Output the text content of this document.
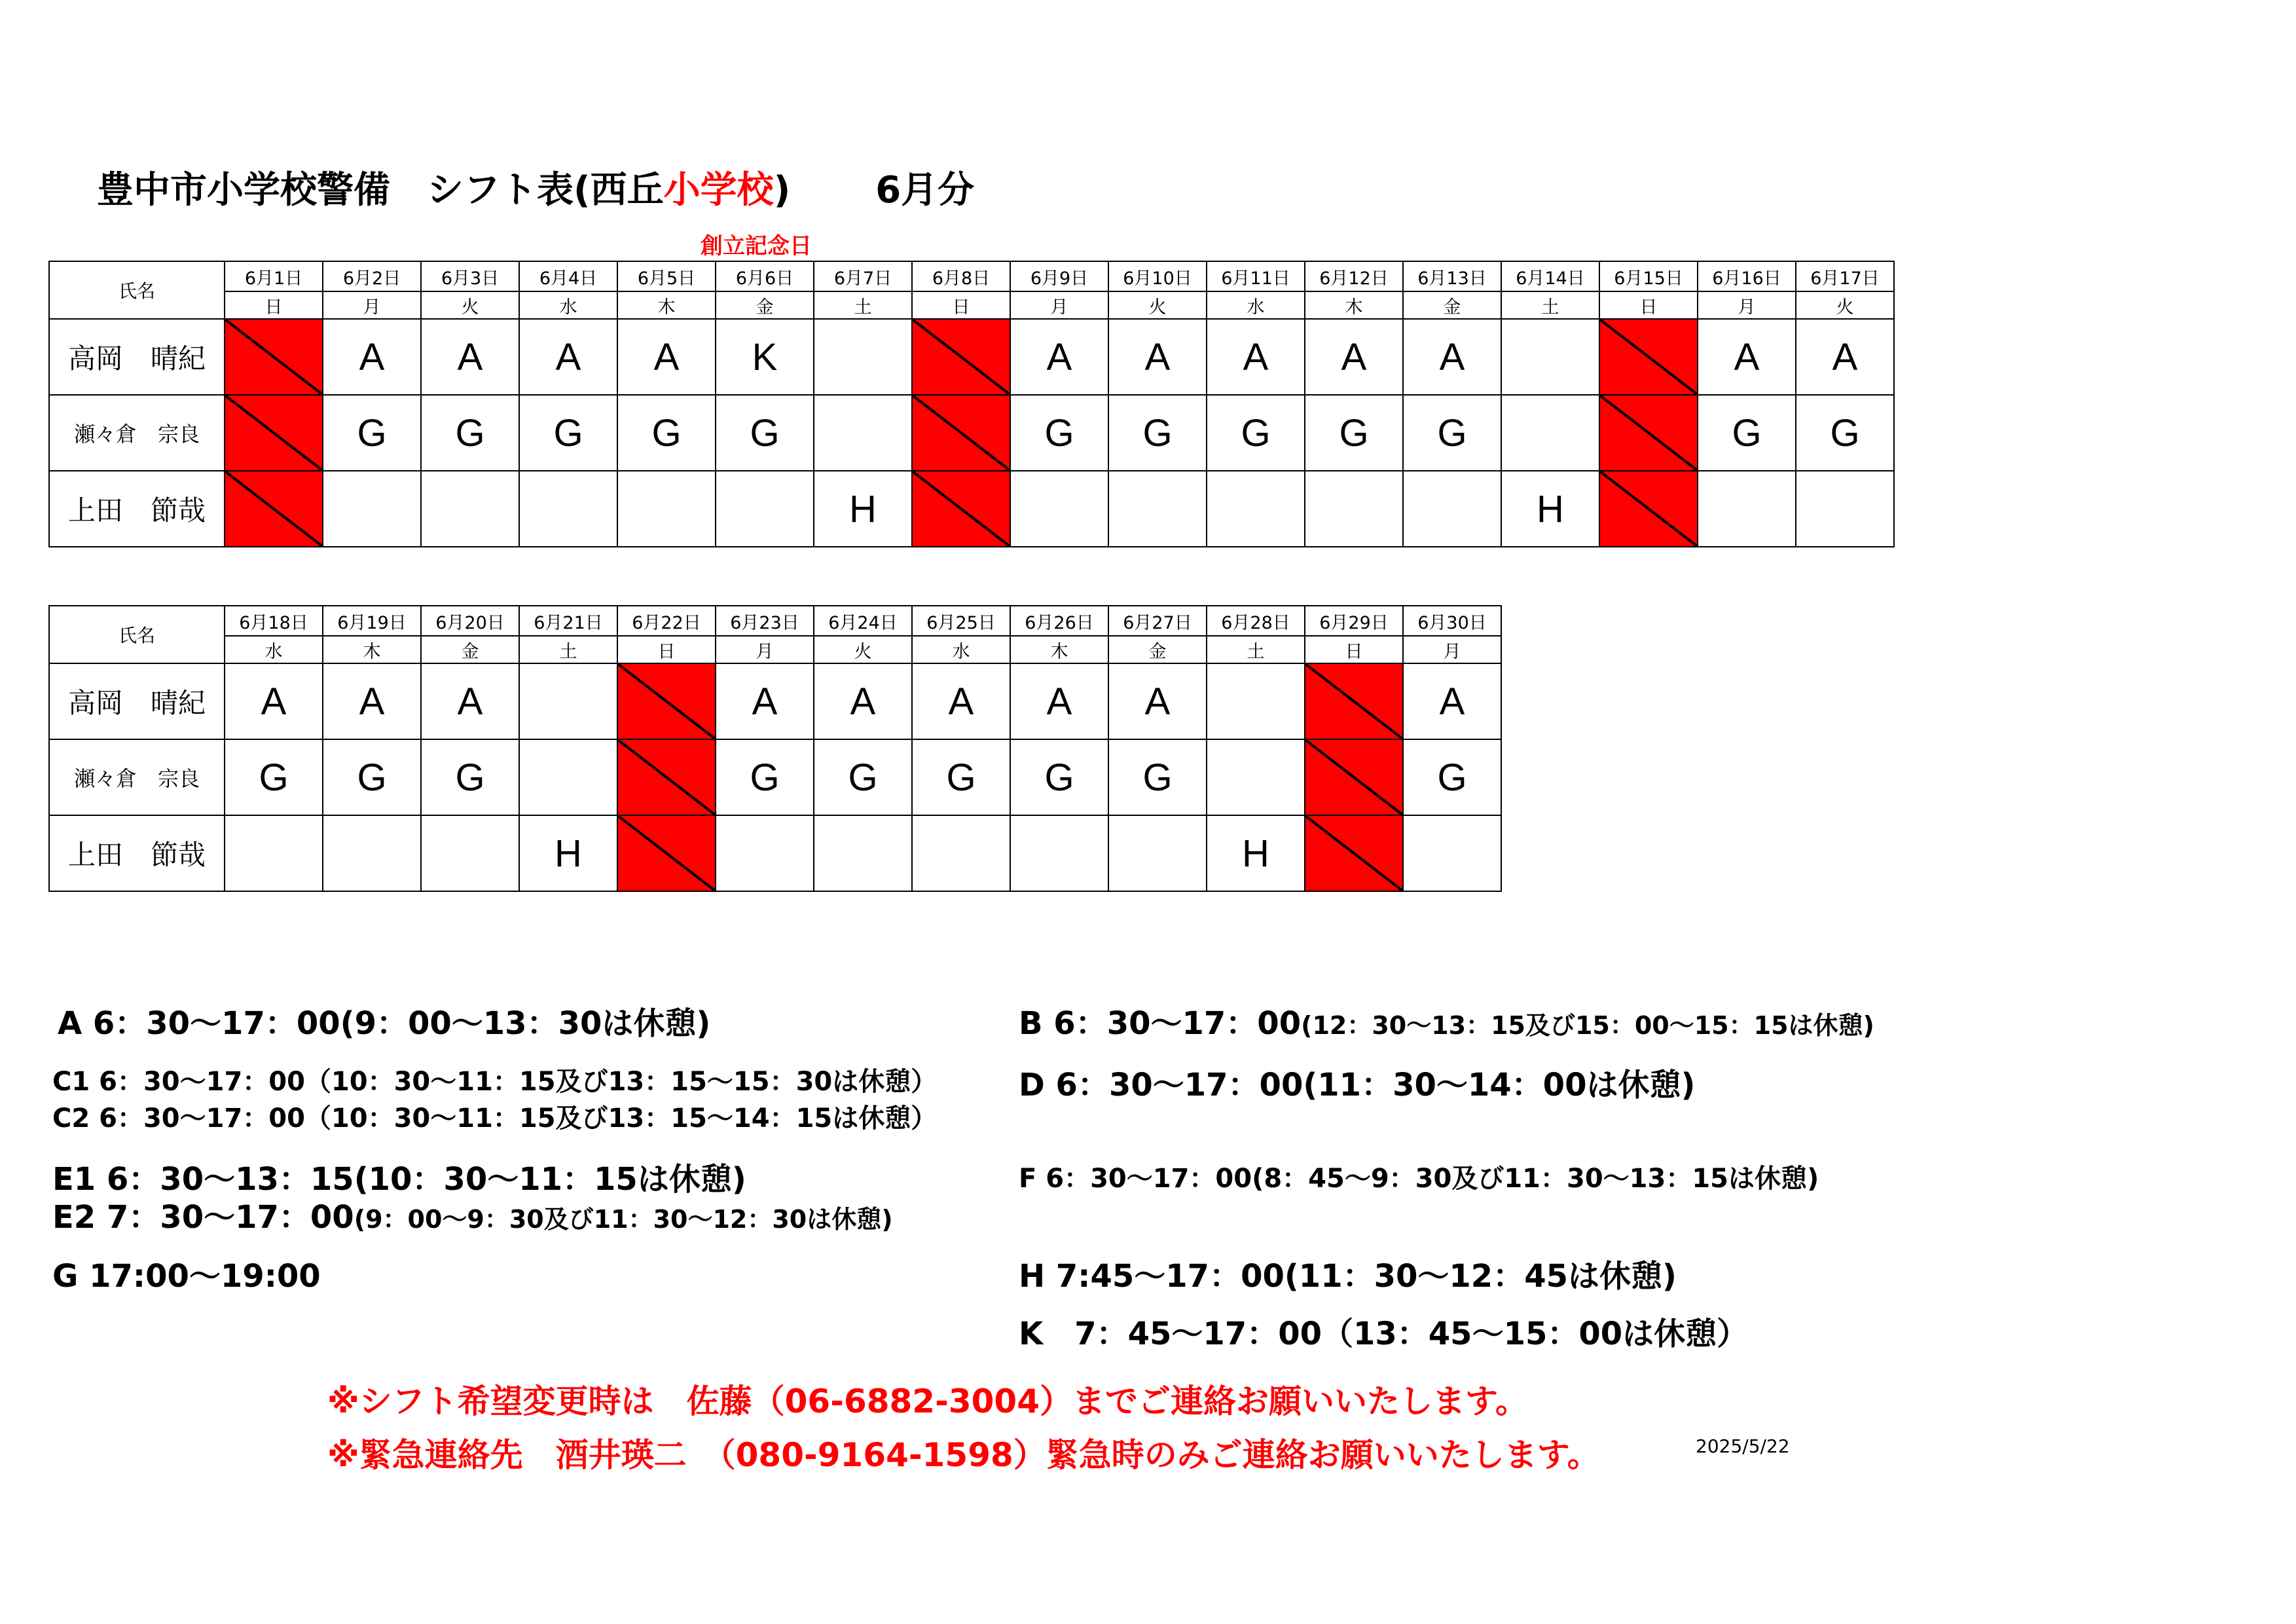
豊中市小学校警備　シフト表(西丘小学校) 6月分
創立記念日
氏名	6月1日	6月2日	6月3日	6月4日	6月5日	6月6日	6月7日	6月8日	6月9日	6月10日	6月11日	6月12日	6月13日	6月14日	6月15日	6月16日	6月17日
	日	月	火	水	木	金	土	日	月	火	水	木	金	土	日	月	火
高岡　晴紀		A	A	A	A	K			A	A	A	A	A			A	A
瀬々倉　宗良		G	G	G	G	G			G	G	G	G	G			G	G
上田　節哉							H							H			
氏名	6月18日	6月19日	6月20日	6月21日	6月22日	6月23日	6月24日	6月25日	6月26日	6月27日	6月28日	6月29日	6月30日
	水	木	金	土	日	月	火	水	木	金	土	日	月
高岡　晴紀	A	A	A			A	A	A	A	A			A
瀬々倉　宗良	G	G	G			G	G	G	G	G			G
上田　節哉				H							H		
A 6：30〜17：00(9：00〜13：30は休憩)	B 6：30〜17：00(12：30〜13：15及び15：00〜15：15は休憩)
C1 6：30〜17：00（10：30〜11：15及び13：15〜15：30は休憩）
C2 6：30〜17：00（10：30〜11：15及び13：15〜14：15は休憩）
D 6：30〜17：00(11：30〜14：00は休憩)
E1 6：30〜13：15(10：30〜11：15は休憩)
E2 7：30〜17：00(9：00〜9：30及び11：30〜12：30は休憩)
F 6：30〜17：00(8：45〜9：30及び11：30〜13：15は休憩)
G 17:00〜19:00	H 7:45〜17：00(11：30〜12：45は休憩)
K　7：45〜17：00（13：45〜15：00は休憩）
※シフト希望変更時は　佐藤（06-6882-3004）までご連絡お願いいたします。
※緊急連絡先　酒井瑛二　（080-9164-1598）緊急時のみご連絡お願いいたします。	2025/5/22
